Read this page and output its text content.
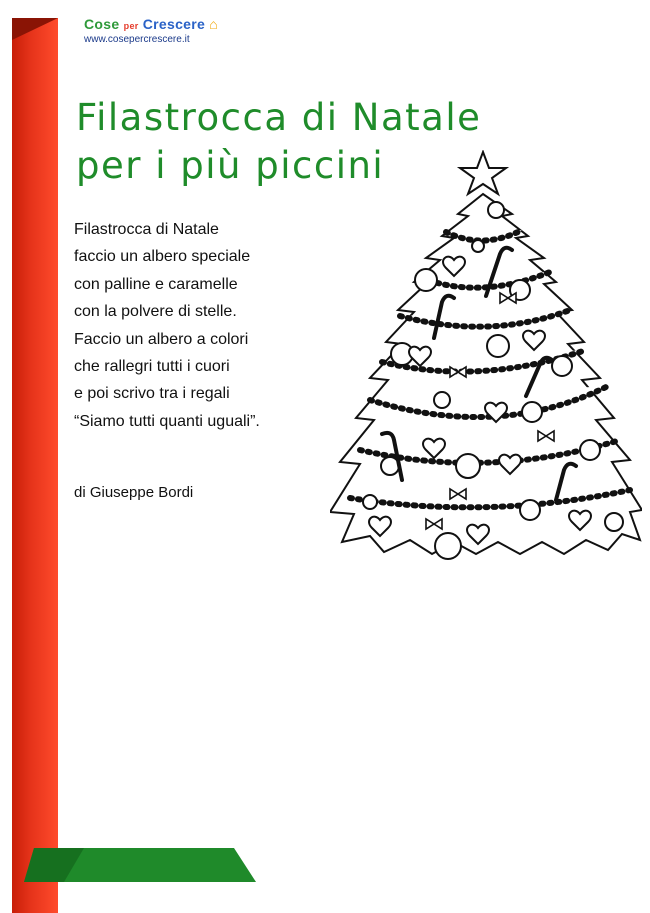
Cose per Crescere ⌂
www.cosepercrescere.it
Filastrocca di Natale
per i più piccini
Filastrocca di Natale
faccio un albero speciale
con palline e caramelle
con la polvere di stelle.
Faccio un albero a colori
che rallegri tutti i cuori
e poi scrivo tra i regali
“Siamo tutti quanti uguali”.
di Giuseppe Bordi
